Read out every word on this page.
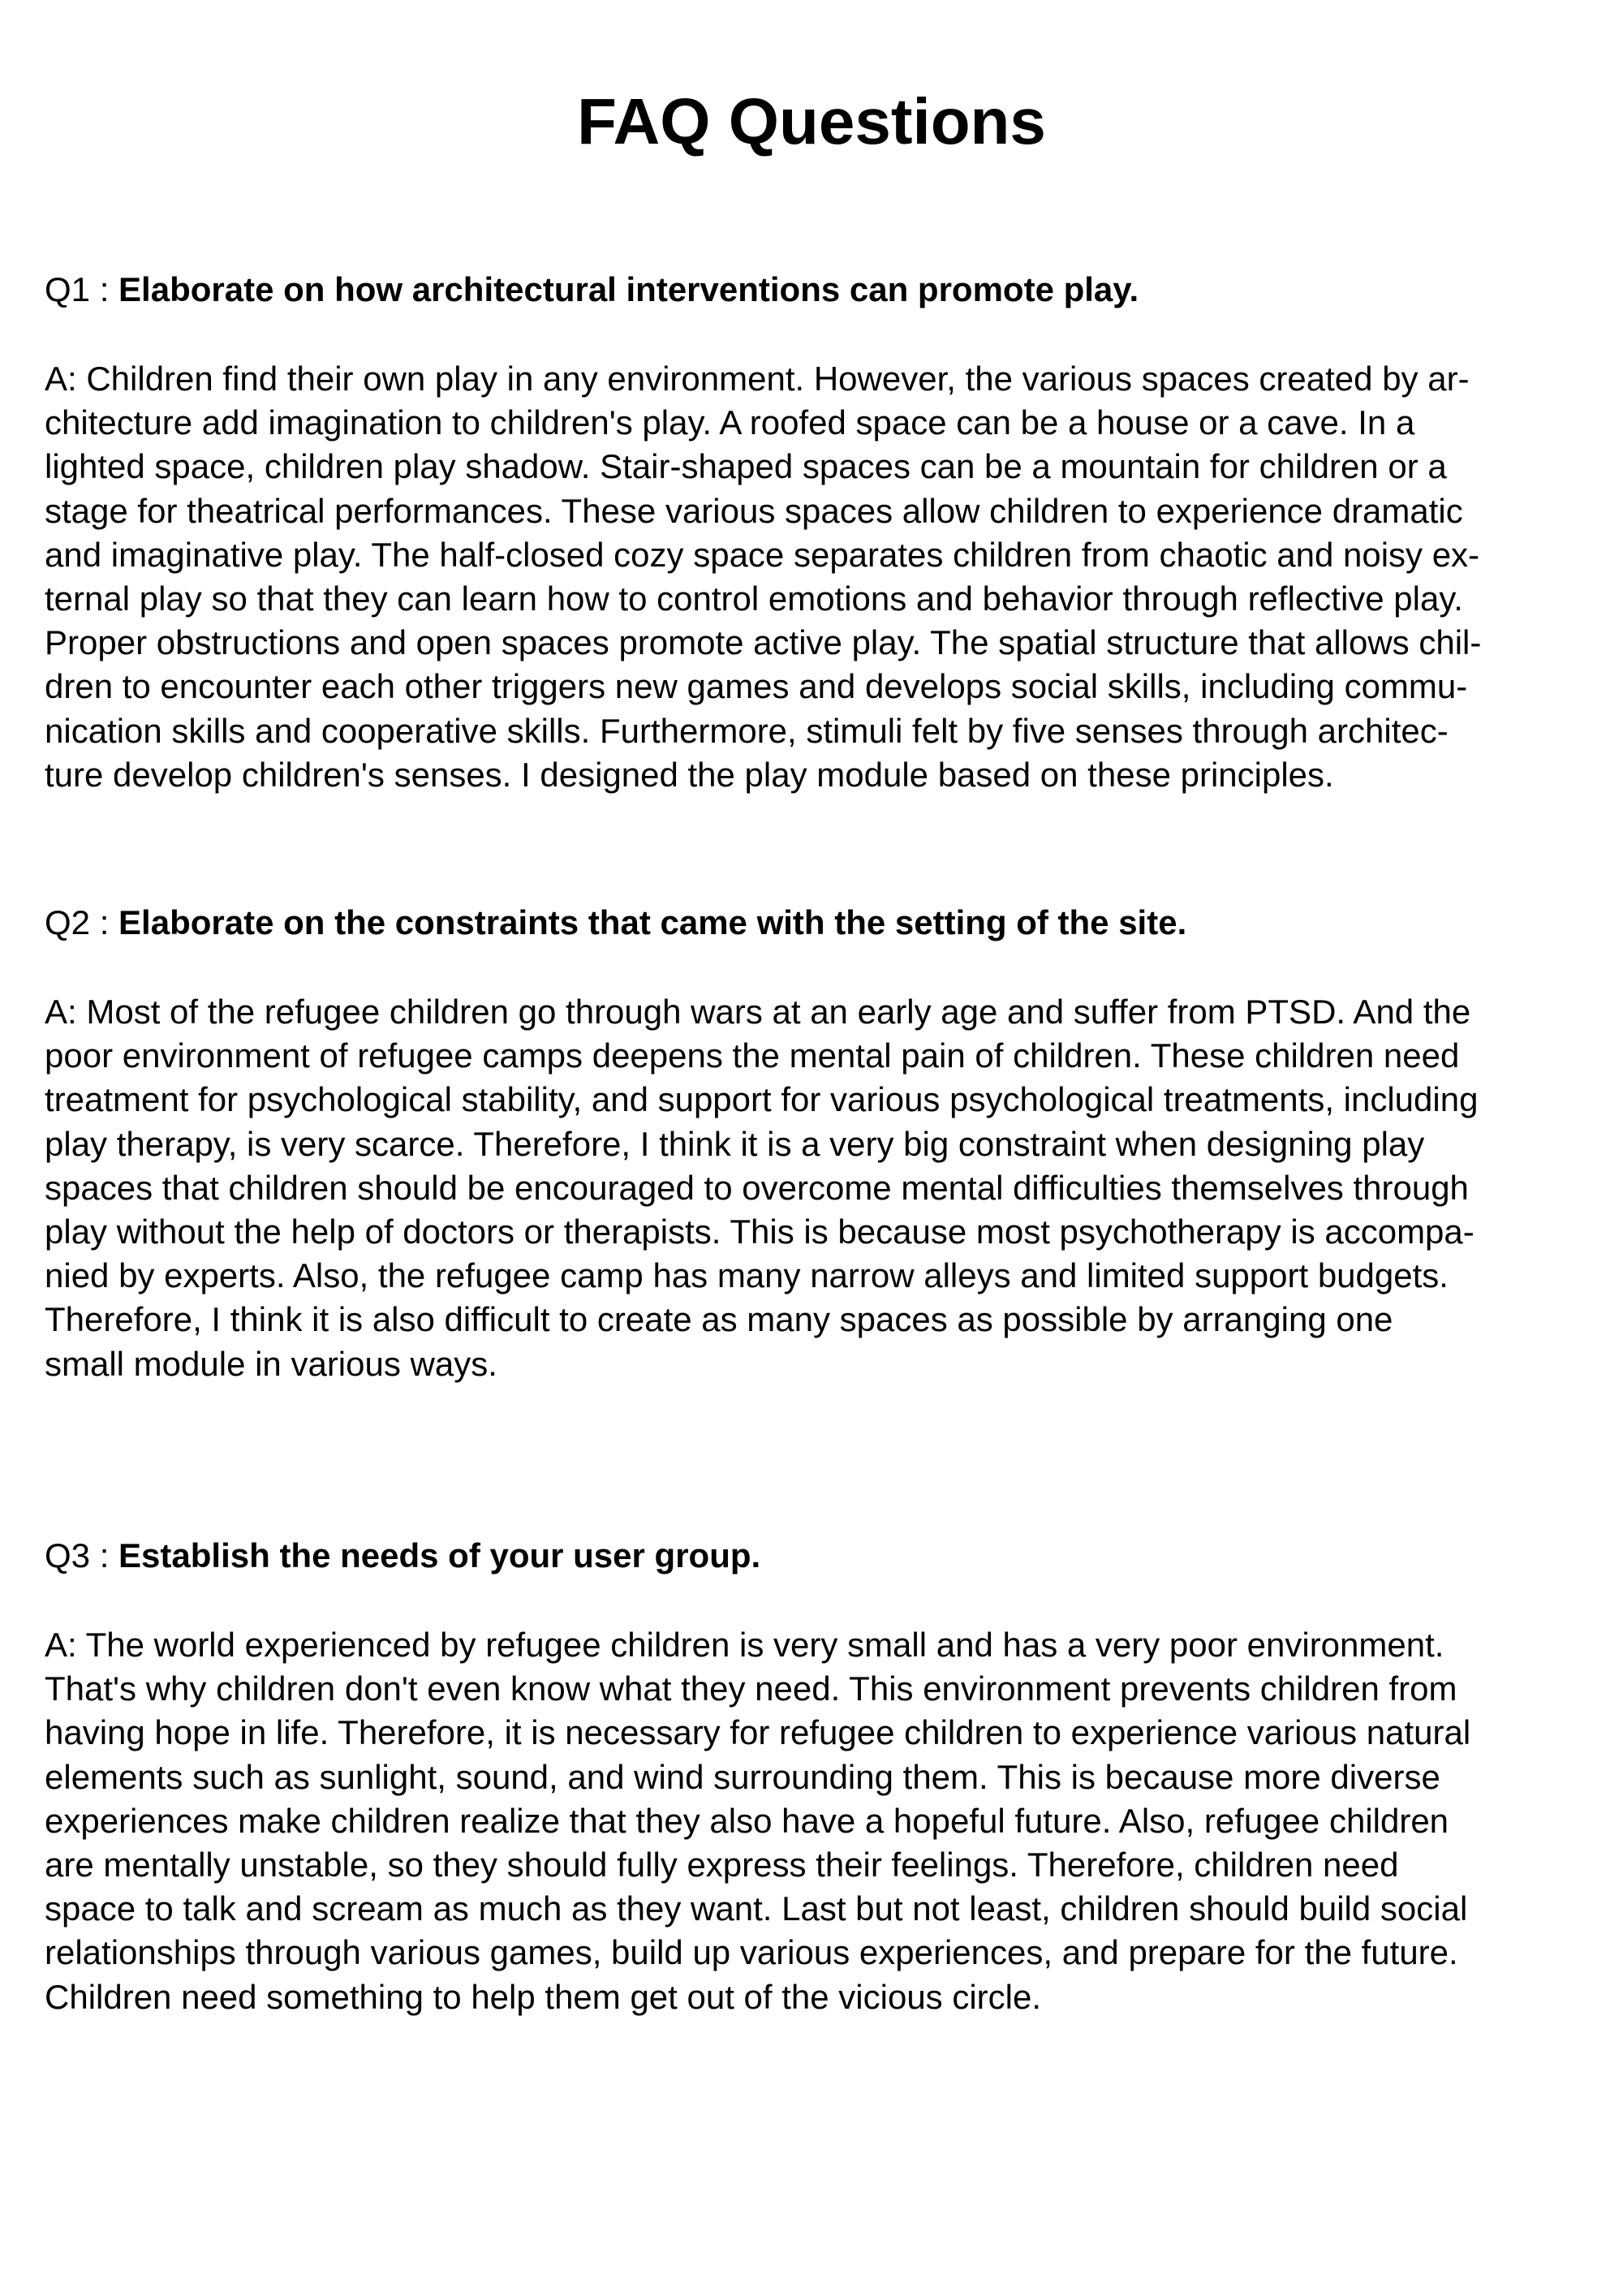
FAQ Questions

Q1 : Elaborate on how architectural interventions can promote play.

A: Children find their own play in any environment. However, the various spaces created by ar-
chitecture add imagination to children's play. A roofed space can be a house or a cave. In a
lighted space, children play shadow. Stair-shaped spaces can be a mountain for children or a
stage for theatrical performances. These various spaces allow children to experience dramatic
and imaginative play. The half-closed cozy space separates children from chaotic and noisy ex-
ternal play so that they can learn how to control emotions and behavior through reflective play.
Proper obstructions and open spaces promote active play. The spatial structure that allows chil-
dren to encounter each other triggers new games and develops social skills, including commu-
nication skills and cooperative skills. Furthermore, stimuli felt by five senses through architec-
ture develop children's senses. I designed the play module based on these principles.

Q2 : Elaborate on the constraints that came with the setting of the site.

A: Most of the refugee children go through wars at an early age and suffer from PTSD. And the
poor environment of refugee camps deepens the mental pain of children. These children need
treatment for psychological stability, and support for various psychological treatments, including
play therapy, is very scarce. Therefore, I think it is a very big constraint when designing play
spaces that children should be encouraged to overcome mental difficulties themselves through
play without the help of doctors or therapists. This is because most psychotherapy is accompa-
nied by experts. Also, the refugee camp has many narrow alleys and limited support budgets.
Therefore, I think it is also difficult to create as many spaces as possible by arranging one
small module in various ways.

Q3 : Establish the needs of your user group.

A: The world experienced by refugee children is very small and has a very poor environment.
That's why children don't even know what they need. This environment prevents children from
having hope in life. Therefore, it is necessary for refugee children to experience various natural
elements such as sunlight, sound, and wind surrounding them. This is because more diverse
experiences make children realize that they also have a hopeful future. Also, refugee children
are mentally unstable, so they should fully express their feelings. Therefore, children need
space to talk and scream as much as they want. Last but not least, children should build social
relationships through various games, build up various experiences, and prepare for the future.
Children need something to help them get out of the vicious circle.
